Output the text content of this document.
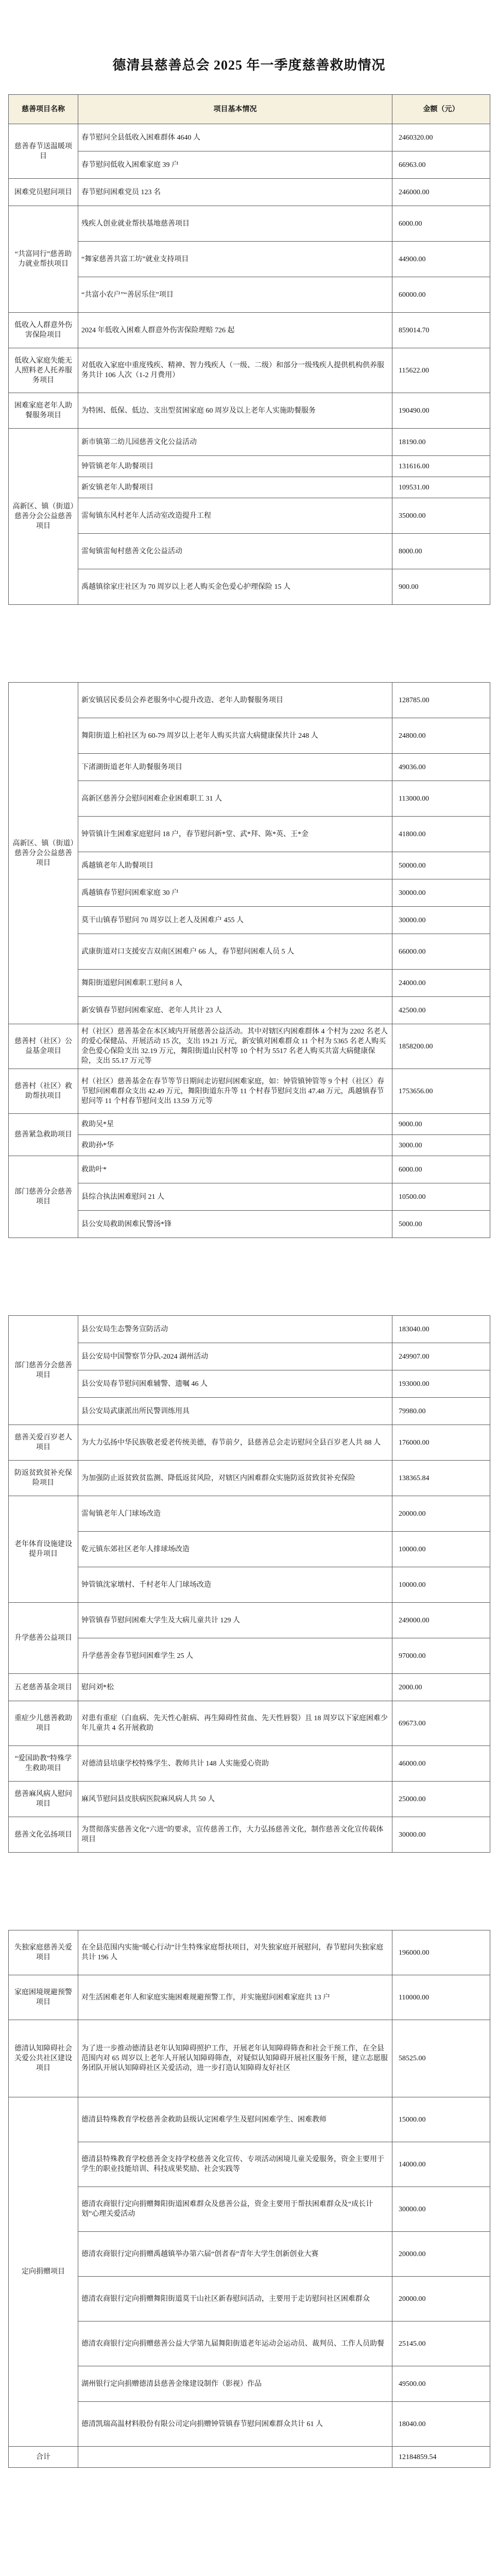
德清县慈善总会 2025 年一季度慈善救助情况
慈善项目名称	项目基本情况	金额（元）
慈善春节送温暖项目	春节慰问全县低收入困难群体 4640 人	2460320.00
	春节慰问低收入困难家庭 39 户	66963.00
困难党员慰问项目	春节慰问困难党员 123 名	246000.00
“共富同行”慈善助力就业帮扶项目	残疾人创业就业帮扶基地慈善项目	6000.00
	“舞家慈善共富工坊”就业支持项目	44900.00
	“共富小农户”“善居乐住”项目	60000.00
低收入人群意外伤害保险项目	2024 年低收入困难人群意外伤害保险理赔 726 起	859014.70
低收入家庭失能无人照料老人托养服务项目	对低收入家庭中重度残疾、精神、智力残疾人（一级、二级）和部分一级残疾人提供机构供养服务共计 106 人次（1-2 月费用）	115622.00
困难家庭老年人助餐服务项目	为特困、低保、低边、支出型贫困家庭 60 周岁及以上老年人实施助餐服务	190490.00
高新区、镇（街道）慈善分会公益慈善项目	新市镇第二幼儿园慈善文化公益活动	18190.00
	钟管镇老年人助餐项目	131616.00
	新安镇老年人助餐项目	109531.00
	雷甸镇东风村老年人活动室改造提升工程	35000.00
	雷甸镇雷甸村慈善文化公益活动	8000.00
	禹越镇徐家庄社区为 70 周岁以上老人购买金色爱心护理保险 15 人	900.00
高新区、镇（街道）慈善分会公益慈善项目	新安镇居民委员会养老服务中心提升改造、老年人助餐服务项目	128785.00
	舞阳街道上柏社区为 60-79 周岁以上老年人购买共富大病健康保共计 248 人	24800.00
	下渚湖街道老年人助餐服务项目	49036.00
	高新区慈善分会慰问困难企业困难职工 31 人	113000.00
	钟管镇计生困难家庭慰问 18 户，春节慰问新*堂、武*拜、陈*英、王*金	41800.00
	禹越镇老年人助餐项目	50000.00
	禹越镇春节慰问困难家庭 30 户	30000.00
	莫干山镇春节慰问 70 周岁以上老人及困难户 455 人	30000.00
	武康街道对口支援安吉双南区困难户 66 人，春节慰问困难人员 5 人	66000.00
	舞阳街道慰问困难职工慰问 8 人	24000.00
	新安镇春节慰问困难家庭、老年人共计 23 人	42500.00
慈善村（社区）公益基金项目	村（社区）慈善基金在本区域内开展慈善公益活动。其中对辖区内困难群体 4 个村为 2202 名老人的爱心保健品、开展活动 15 次，支出 19.21 万元，新安镇对困难群众 11 个村为 5365 名老人购买金色爱心保险支出 32.19 万元，舞阳街道山民村等 10 个村为 5517 名老人购买共富大病健康保险，支出 55.17 万元等	1858200.00
慈善村（社区）救助帮扶项目	村（社区）慈善基金在春节等节日期间走访慰问困难家庭，如：钟管镇钟管等 9 个村（社区）春节慰问困难群众支出 42.49 万元，舞阳街道东升等 11 个村春节慰问支出 47.48 万元，禹越镇春节慰问等 11 个村春节慰问支出 13.59 万元等	1753656.00
慈善紧急救助项目	救助吴*星	9000.00
	救助孙*华	3000.00
部门慈善分会慈善项目	救助叶*	6000.00
	县综合执法困难慰问 21 人	10500.00
	县公安局救助困难民警汤*锋	5000.00
部门慈善分会慈善项目	县公安局生态警务宣防活动	183040.00
	县公安局中国警察节分队-2024 湖州活动	249907.00
	县公安局春节慰问困难辅警、遗嘱 46 人	193000.00
	县公安局武康派出所民警训练用具	79980.00
慈善关爱百岁老人项目	为大力弘扬中华民族敬老爱老传统美德，春节前夕，县慈善总会走访慰问全县百岁老人共 88 人	176000.00
防返贫致贫补充保险项目	为加强防止返贫致贫监测、降低返贫风险，对辖区内困难群众实施防返贫致贫补充保险	138365.84
老年体育设施建设提升项目	雷甸镇老年人门球场改造	20000.00
	乾元镇东郊社区老年人排球场改造	10000.00
	钟管镇沈家墩村、千村老年人门球场改造	10000.00
升学慈善公益项目	钟管镇春节慰问困难大学生及大病儿童共计 129 人	249000.00
	升学慈善金春节慰问困难学生 25 人	97000.00
五老慈善基金项目	慰问刘*松	2000.00
重症少儿慈善救助项目	对患有重症（白血病、先天性心脏病、再生障碍性贫血、先天性唇裂）且 18 周岁以下家庭困难少年儿童共 4 名开展救助	69673.00
“爱国助教”特殊学生救助项目	对德清县培康学校特殊学生、教师共计 148 人实施爱心资助	46000.00
慈善麻风病人慰问项目	麻风节慰问县皮肤病医院麻风病人共 50 人	25000.00
慈善文化弘扬项目	为贯彻落实慈善文化“六进”的要求，宣传慈善工作，大力弘扬慈善文化，制作慈善文化宣传载体项目	30000.00
失独家庭慈善关爱项目	在全县范围内实施“暖心行动”计生特殊家庭帮扶项目，对失独家庭开展慰问，春节慰问失独家庭共计 196 人	196000.00
家庭困境规避预警项目	对生活困难老年人和家庭实施困难规避预警工作，并实施慰问困难家庭共 13 户	110000.00
德清认知障碍社会关爱公共社区建设项目	为了进一步推动德清县老年认知障碍照护工作，开展老年认知障碍筛查和社会干预工作，在全县范围内对 65 周岁以上老年人开展认知障碍筛查，对疑似认知障碍开展社区服务干预，建立志愿服务团队开展认知障碍社区关爱活动，进一步打造认知障碍友好社区	58525.00
定向捐赠项目	德清县特殊教育学校慈善金救助县级认定困难学生及慰问困难学生、困难教师	15000.00
	德清县特殊教育学校慈善金支持学校慈善文化宣传、专项活动困境儿童关爱服务，资金主要用于学生的职业技能培训、科技成果奖励、社会实践等	14000.00
	德清农商银行定向捐赠舞阳街道困难群众及慈善公益，资金主要用于帮扶困难群众及“成长计划”心理关爱活动	30000.00
	德清农商银行定向捐赠禹越镇举办第六届“创者春”青年大学生创新创业大赛	20000.00
	德清农商银行定向捐赠舞阳街道莫干山社区新春慰问活动，主要用于走访慰问社区困难群众	20000.00
	德清农商银行定向捐赠慈善公益大学第九届舞阳街道老年运动会运动员、裁判员、工作人员助餐	25145.00
	湖州银行定向捐赠德清县慈善金缘建设制作（影视）作品	49500.00
	德清凯瑞高温材料股份有限公司定向捐赠钟管镇春节慰问困难群众共计 61 人	18040.00
合计		12184859.54
